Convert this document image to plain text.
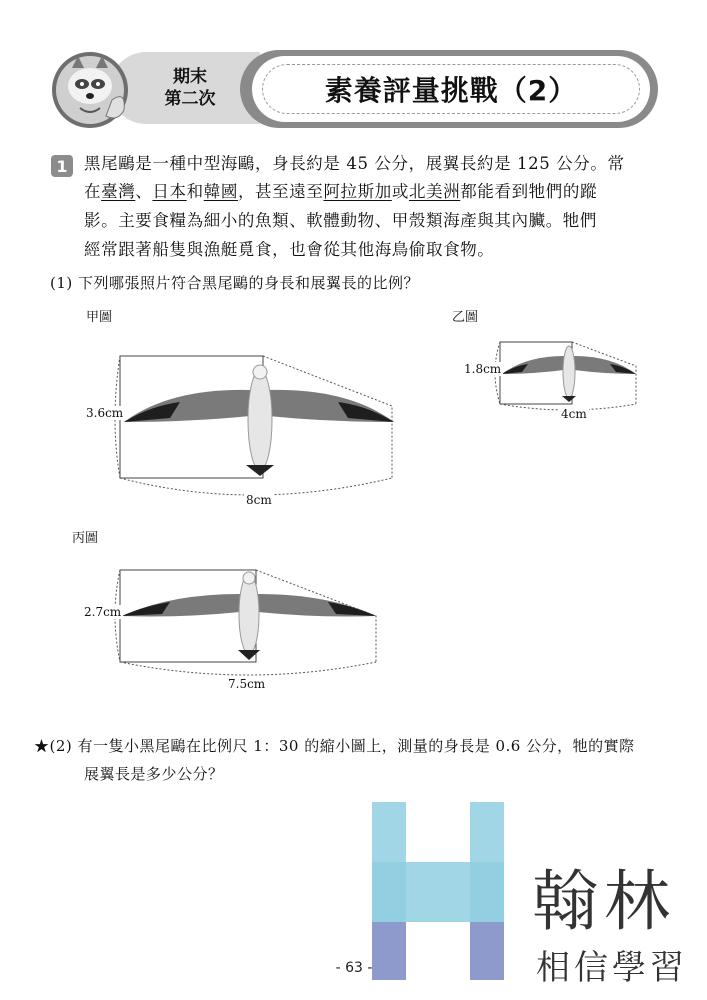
期末
第二次	素養評量挑戰（2）
1 黑尾鷗是一種中型海鷗，身長約是 45 公分，展翼長約是 125 公分。常
在臺灣、日本和韓國，甚至遠至阿拉斯加或北美洲都能看到牠們的蹤
影。主要食糧為細小的魚類、軟體動物、甲殼類海產與其內臟。牠們
經常跟著船隻與漁艇覓食，也會從其他海鳥偷取食物。
(1) 下列哪張照片符合黑尾鷗的身長和展翼長的比例？
甲圖	乙圖
丙圖
3.6cm
8cm
1.8cm
4cm
2.7cm
7.5cm
★(2) 有一隻小黑尾鷗在比例尺 1：30 的縮小圖上，測量的身長是 0.6 公分，牠的實際
展翼長是多少公分？
翰林
相信學習
- 63 -
